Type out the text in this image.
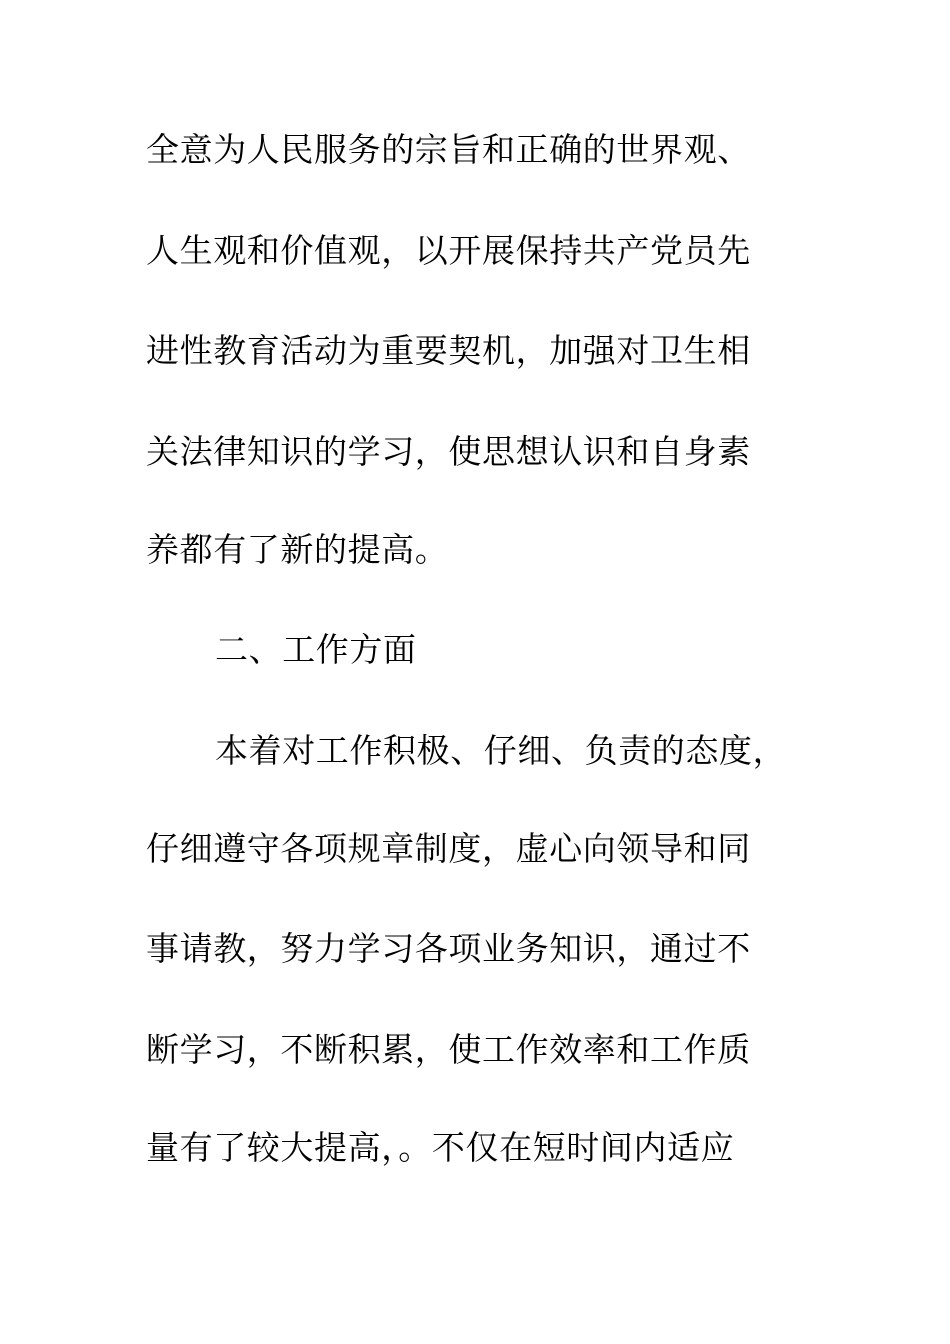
全意为人民服务的宗旨和正确的世界观、
人生观和价值观，以开展保持共产党员先
进性教育活动为重要契机，加强对卫生相
关法律知识的学习，使思想认识和自身素
养都有了新的提高。
二、工作方面
本着对工作积极、仔细、负责的态度，
仔细遵守各项规章制度，虚心向领导和同
事请教，努力学习各项业务知识，通过不
断学习，不断积累，使工作效率和工作质
量有了较大提高，。不仅在短时间内适应
